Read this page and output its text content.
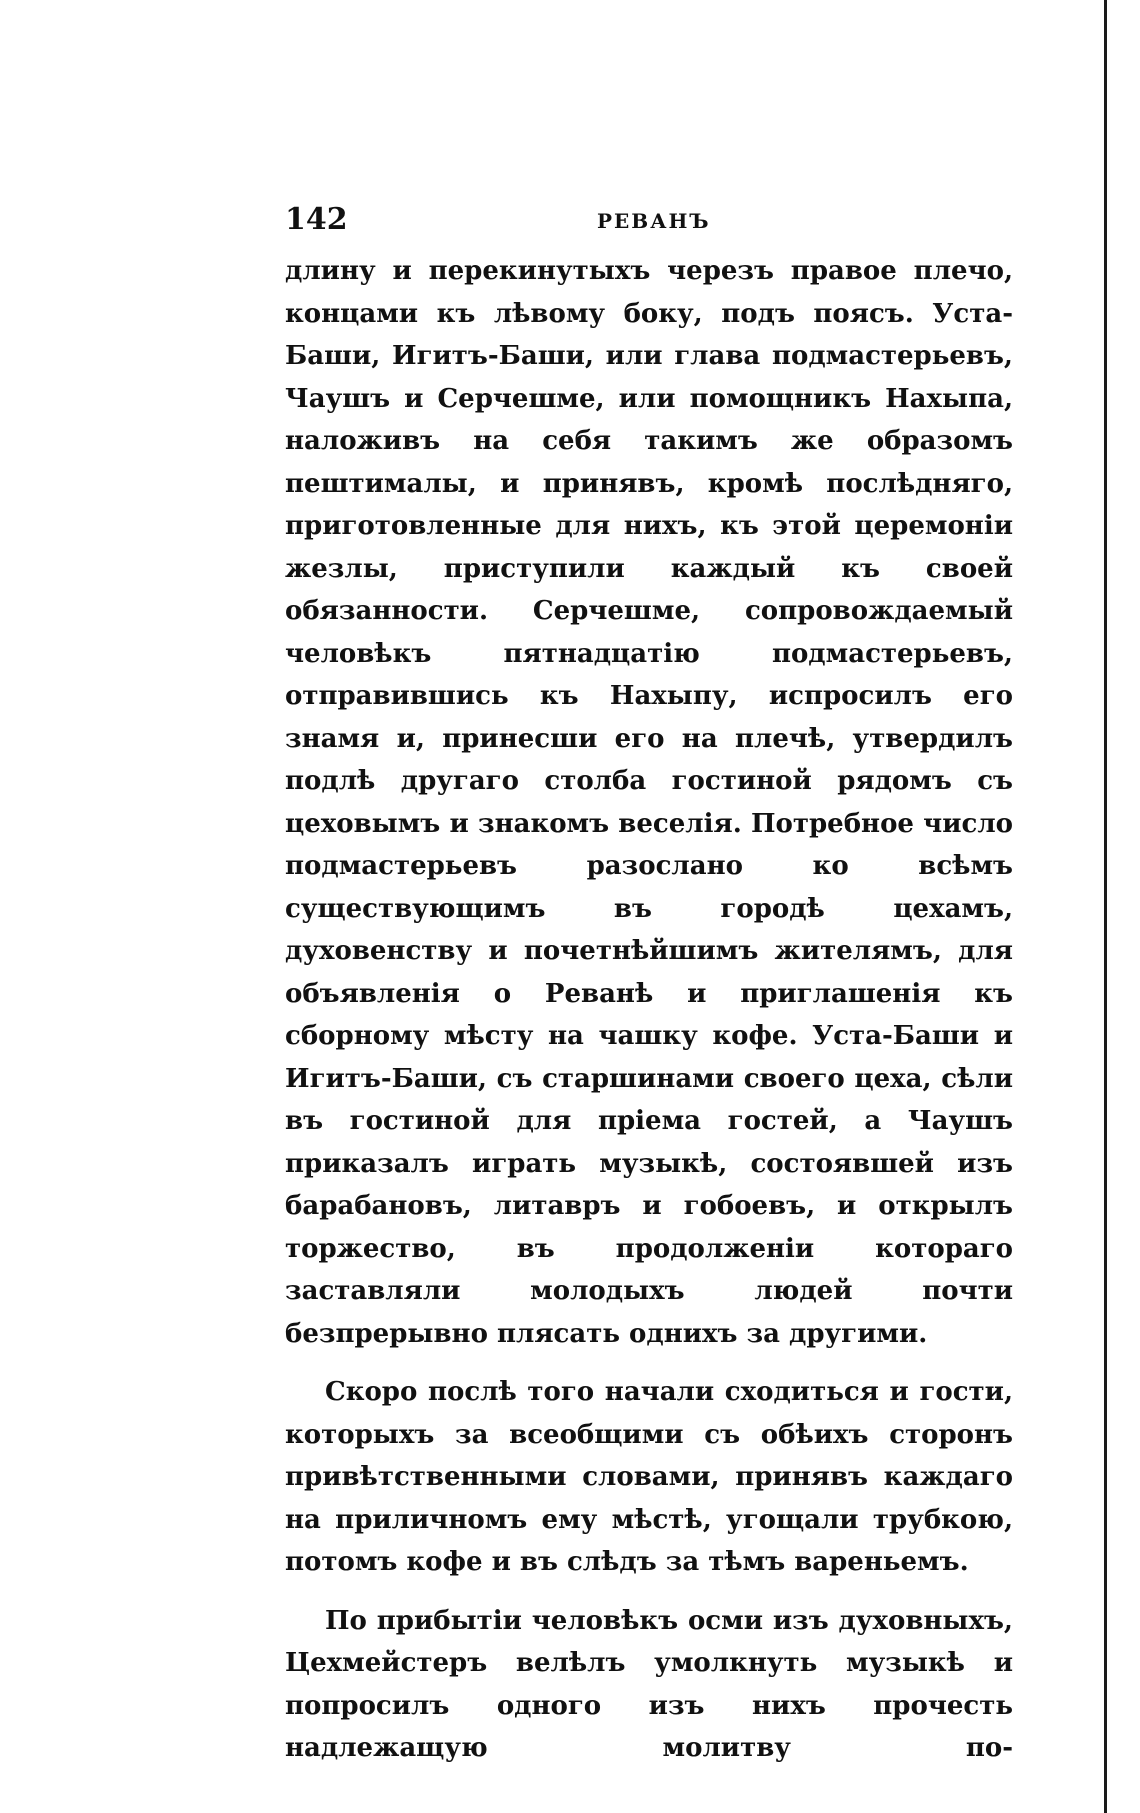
142	РЕВАНЪ

длину и перекинутыхъ черезъ правое плечо, концами къ лѣвому боку, подъ поясъ. Уста-Баши, Игитъ-Баши, или глава подмастерьевъ, Чаушъ и Серчешме, или помощникъ Нахыпа, наложивъ на себя такимъ же образомъ пештималы, и принявъ, кромѣ послѣдняго, приготовленные для нихъ, къ этой церемоніи жезлы, приступили каждый къ своей обязанности. Серчешме, сопровождаемый человѣкъ пятнадцатію подмастерьевъ, отправившись къ Нахыпу, испросилъ его знамя и, принесши его на плечѣ, утвердилъ подлѣ другаго столба гостиной рядомъ съ цеховымъ и знакомъ веселія. Потребное число подмастерьевъ разослано ко всѣмъ существующимъ въ городѣ цехамъ, духовенству и почетнѣйшимъ жителямъ, для объявленія о Реванѣ и приглашенія къ сборному мѣсту на чашку кофе. Уста-Баши и Игитъ-Баши, съ старшинами своего цеха, сѣли въ гостиной для пріема гостей, а Чаушъ приказалъ играть музыкѣ, состоявшей изъ барабановъ, литавръ и гобоевъ, и открылъ торжество, въ продолженіи котораго заставляли молодыхъ людей почти безпрерывно плясать однихъ за другими.

Скоро послѣ того начали сходиться и гости, которыхъ за всеобщими съ обѣихъ сторонъ привѣтственными словами, принявъ каждаго на приличномъ ему мѣстѣ, угощали трубкою, потомъ кофе и въ слѣдъ за тѣмъ вареньемъ.

По прибытіи человѣкъ осми изъ духовныхъ, Цехмейстеръ велѣлъ умолкнуть музыкѣ и попросилъ одного изъ нихъ прочесть надлежащую молитву по-
